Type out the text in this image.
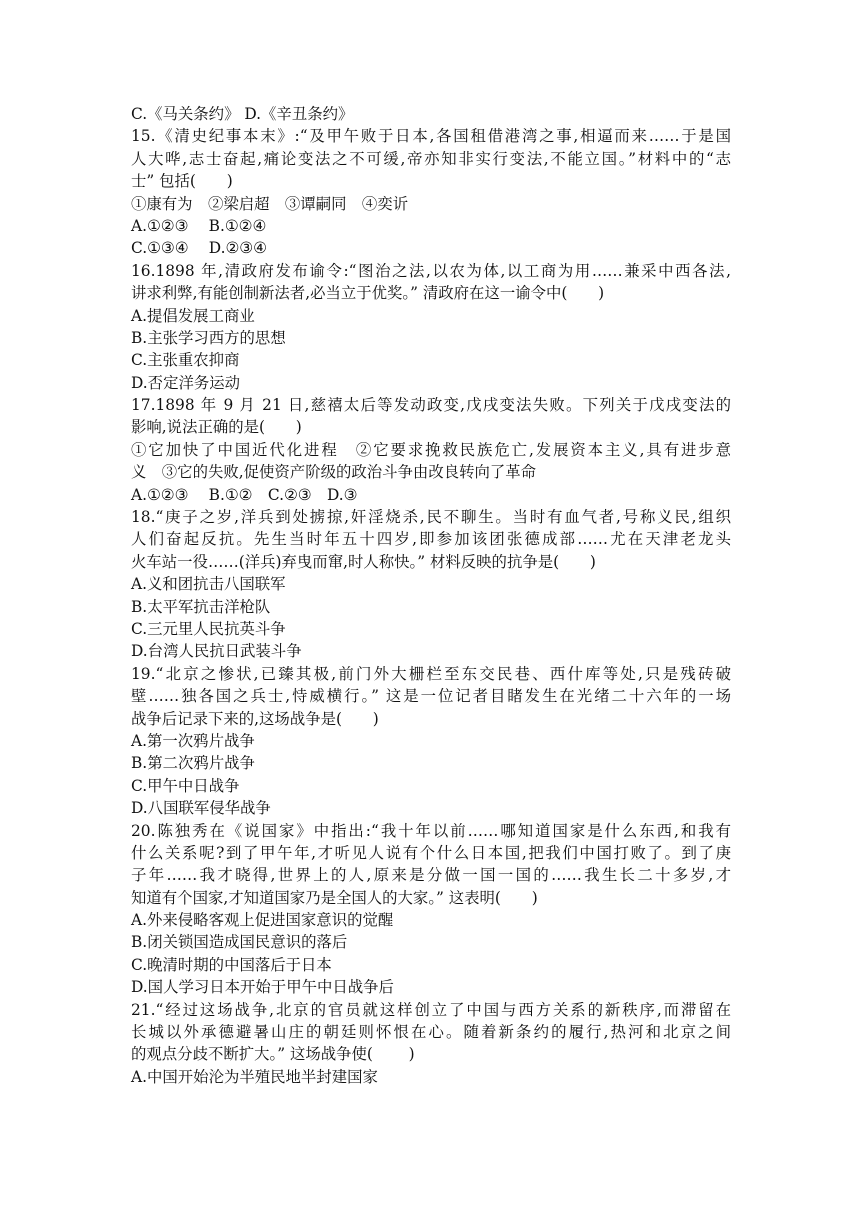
C.《马关条约》 D.《辛丑条约》
15.《清史纪事本末》:“及甲午败于日本,各国租借港湾之事,相逼而来……于是国
人大哗,志士奋起,痛论变法之不可缓,帝亦知非实行变法,不能立国。”材料中的“志
士” 包括(　　)
①康有为　②梁启超　③谭嗣同　④奕䜣
A.①②③　 B.①②④
C.①③④　 D.②③④
16.1898 年,清政府发布谕令:“图治之法,以农为体,以工商为用……兼采中西各法,
讲求利弊,有能创制新法者,必当立于优奖。” 清政府在这一谕令中(　　)
A.提倡发展工商业
B.主张学习西方的思想
C.主张重农抑商
D.否定洋务运动
17.1898 年 9 月 21 日,慈禧太后等发动政变,戊戌变法失败。下列关于戊戌变法的
影响,说法正确的是(　　)
①它加快了中国近代化进程　②它要求挽救民族危亡,发展资本主义,具有进步意
义　③它的失败,促使资产阶级的政治斗争由改良转向了革命
A.①②③　 B.①②　C.②③　D.③
18.“庚子之岁,洋兵到处掳掠,奸淫烧杀,民不聊生。当时有血气者,号称义民,组织
人们奋起反抗。先生当时年五十四岁,即参加该团张德成部……尤在天津老龙头
火车站一役……(洋兵)弃曳而窜,时人称快。” 材料反映的抗争是(　　)
A.义和团抗击八国联军
B.太平军抗击洋枪队
C.三元里人民抗英斗争
D.台湾人民抗日武装斗争
19.“北京之惨状,已臻其极,前门外大栅栏至东交民巷、西什库等处,只是残砖破
壁……独各国之兵士,恃威横行。” 这是一位记者目睹发生在光绪二十六年的一场
战争后记录下来的,这场战争是(　　)
A.第一次鸦片战争
B.第二次鸦片战争
C.甲午中日战争
D.八国联军侵华战争
20.陈独秀在《说国家》中指出:“我十年以前……哪知道国家是什么东西,和我有
什么关系呢?到了甲午年,才听见人说有个什么日本国,把我们中国打败了。到了庚
子年……我才晓得,世界上的人,原来是分做一国一国的……我生长二十多岁,才
知道有个国家,才知道国家乃是全国人的大家。” 这表明(　　)
A.外来侵略客观上促进国家意识的觉醒
B.闭关锁国造成国民意识的落后
C.晚清时期的中国落后于日本
D.国人学习日本开始于甲午中日战争后
21.“经过这场战争,北京的官员就这样创立了中国与西方关系的新秩序,而滞留在
长城以外承德避暑山庄的朝廷则怀恨在心。随着新条约的履行,热河和北京之间
的观点分歧不断扩大。” 这场战争使(　　 )
A.中国开始沦为半殖民地半封建国家
